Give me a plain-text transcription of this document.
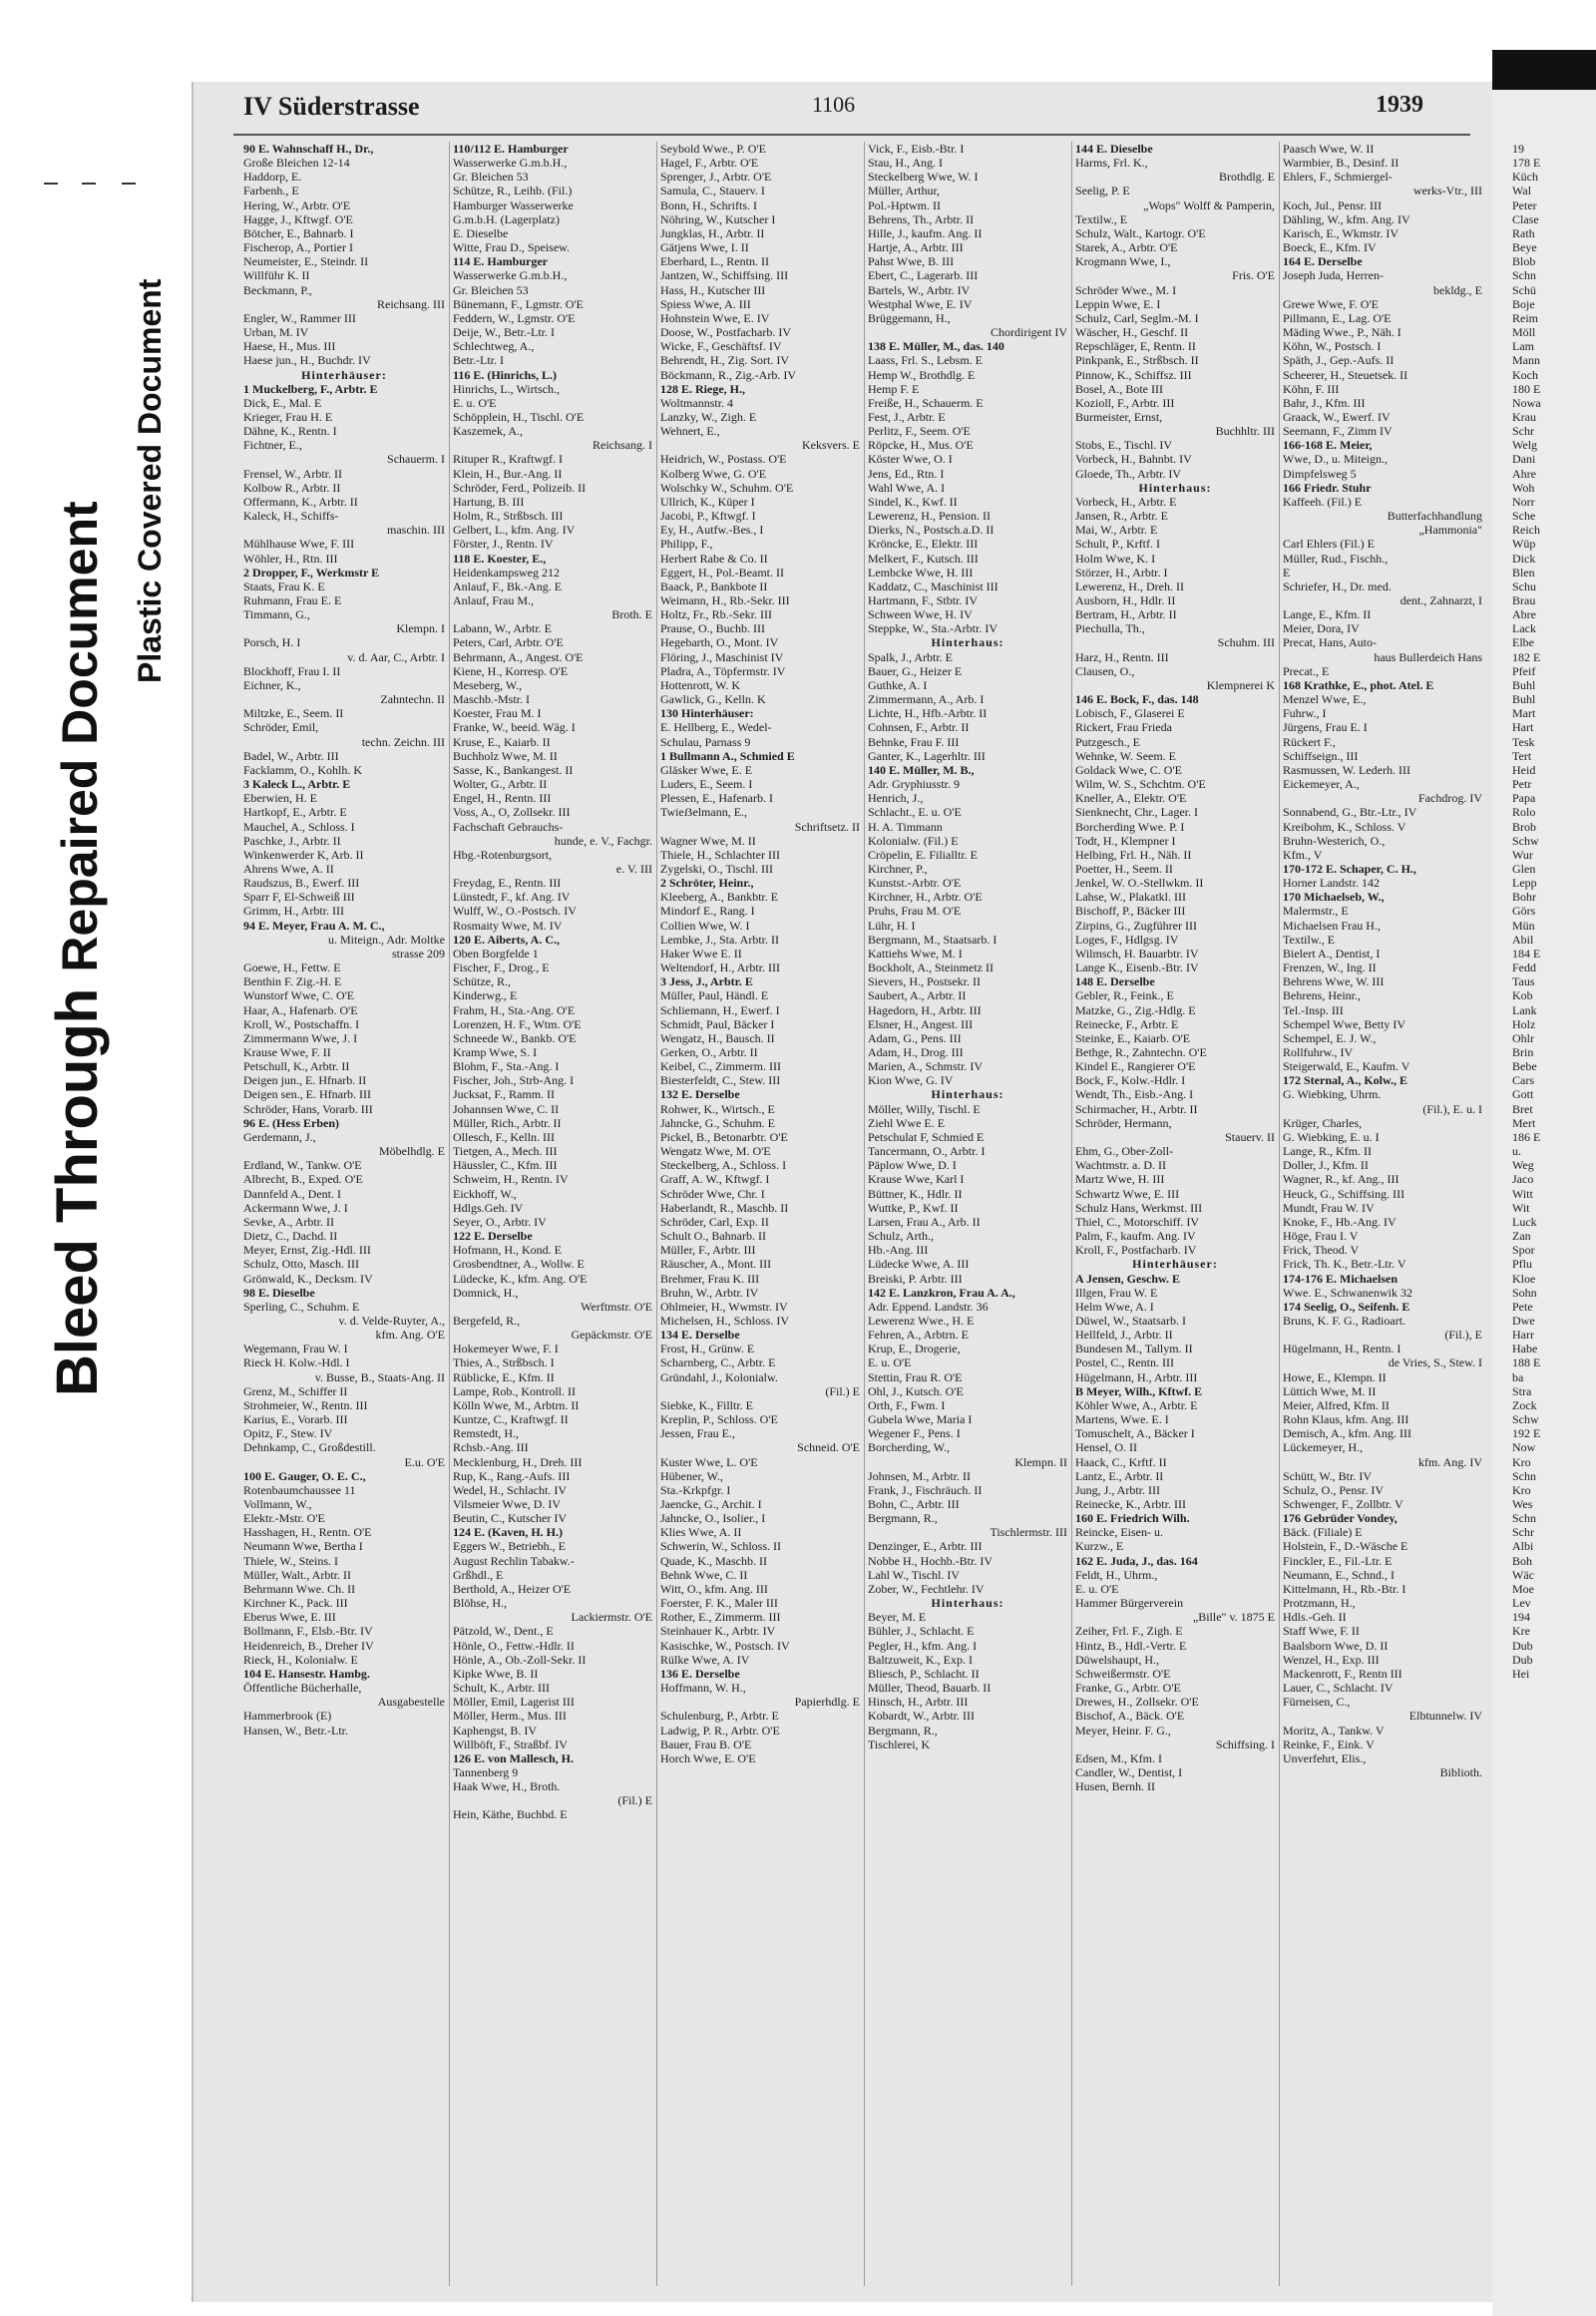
Bleed Through Repaired Document
Plastic Covered Document
IV Süderstrasse	1106	1939
90 E. Wahnschaff H., Dr.,
Große Bleichen 12-14
Haddorp, E.
Farbenh., E
Hering, W., Arbtr. O'E
Hagge, J., Kftwgf. O'E
Bötcher, E., Bahnarb. I
Fischerop, A., Portier I
Neumeister, E., Steindr. II
Willführ K. II
Beckmann, P.,
Reichsang. III
Engler, W., Rammer III
Urban, M. IV
Haese, H., Mus. III
Haese jun., H., Buchdr. IV
Hinterhäuser:
1 Muckelberg, F., Arbtr. E
Dick, E., Mal. E
Krieger, Frau H. E
Dähne, K., Rentn. I
Fichtner, E.,
Schauerm. I
Frensel, W., Arbtr. II
Kolbow R., Arbtr. II
Offermann, K., Arbtr. II
Kaleck, H., Schiffs-
maschin. III
Mühlhause Wwe, F. III
Wöhler, H., Rtn. III
2 Dropper, F., Werkmstr E
Staats, Frau K. E
Ruhmann, Frau E. E
Timmann, G.,
Klempn. I
Porsch, H. I
v. d. Aar, C., Arbtr. I
Blockhoff, Frau I. II
Eichner, K.,
Zahntechn. II
Miltzke, E., Seem. II
Schröder, Emil,
techn. Zeichn. III
Badel, W., Arbtr. III
Facklamm, O., Kohlh. K
3 Kaleck L., Arbtr. E
Eberwien, H. E
Hartkopf, E., Arbtr. E
Mauchel, A., Schloss. I
Paschke, J., Arbtr. II
Winkenwerder K, Arb. II
Ahrens Wwe, A. II
Raudszus, B., Ewerf. III
Sparr F, El-Schweiß III
Grimm, H., Arbtr. III
94 E. Meyer, Frau A. M. C.,
u. Miteign., Adr. Moltke
strasse 209
Goewe, H., Fettw. E
Benthin F. Zig.-H. E
Wunstorf Wwe, C. O'E
Haar, A., Hafenarb. O'E
Kroll, W., Postschaffn. I
Zimmermann Wwe, J. I
Krause Wwe, F. II
Petschull, K., Arbtr. II
Deigen jun., E. Hfnarb. II
Deigen sen., E. Hfnarb. III
Schröder, Hans, Vorarb. III
96 E. (Hess Erben)
Gerdemann, J.,
Möbelhdlg. E
Erdland, W., Tankw. O'E
Albrecht, B., Exped. O'E
Dannfeld A., Dent. I
Ackermann Wwe, J. I
Sevke, A., Arbtr. II
Dietz, C., Dachd. II
Meyer, Ernst, Zig.-Hdl. III
Schulz, Otto, Masch. III
Grönwald, K., Decksm. IV
98 E. Dieselbe
Sperling, C., Schuhm. E
v. d. Velde-Ruyter, A.,
kfm. Ang. O'E
Wegemann, Frau W. I
Rieck H. Kolw.-Hdl. I
v. Busse, B., Staats-Ang. II
Grenz, M., Schiffer II
Strohmeier, W., Rentn. III
Karius, E., Vorarb. III
Opitz, F., Stew. IV
Dehnkamp, C., Großdestill.
E.u. O'E
100 E. Gauger, O. E. C.,
Rotenbaumchaussee 11
Vollmann, W.,
Elektr.-Mstr. O'E
Hasshagen, H., Rentn. O'E
Neumann Wwe, Bertha I
Thiele, W., Steins. I
Müller, Walt., Arbtr. II
Behrmann Wwe. Ch. II
Kirchner K., Pack. III
Eberus Wwe, E. III
Bollmann, F., Elsb.-Btr. IV
Heidenreich, B., Dreher IV
Rieck, H., Kolonialw. E
104 E. Hansestr. Hambg.
Öffentliche Bücherhalle,
Ausgabestelle
Hammerbrook (E)
Hansen, W., Betr.-Ltr.
110/112 E. Hamburger
Wasserwerke G.m.b.H.,
Gr. Bleichen 53
Schütze, R., Leihb. (Fil.)
Hamburger Wasserwerke
G.m.b.H. (Lagerplatz)
E. Dieselbe
Witte, Frau D., Speisew.
114 E. Hamburger
Wasserwerke G.m.b.H.,
Gr. Bleichen 53
Bünemann, F., Lgmstr. O'E
Feddern, W., Lgmstr. O'E
Deije, W., Betr.-Ltr. I
Schlechtweg, A.,
Betr.-Ltr. I
116 E. (Hinrichs, L.)
Hinrichs, L., Wirtsch.,
E. u. O'E
Schöpplein, H., Tischl. O'E
Kaszemek, A.,
Reichsang. I
Rituper R., Kraftwgf. I
Klein, H., Bur.-Ang. II
Schröder, Ferd., Polizeib. II
Hartung, B. III
Holm, R., Strßbsch. III
Gelbert, L., kfm. Ang. IV
Förster, J., Rentn. IV
118 E. Koester, E.,
Heidenkampsweg 212
Anlauf, F., Bk.-Ang. E
Anlauf, Frau M.,
Broth. E
Labann, W., Arbtr. E
Peters, Carl, Arbtr. O'E
Behrmann, A., Angest. O'E
Kiene, H., Korresp. O'E
Meseberg, W.,
Maschb.-Mstr. I
Koester, Frau M. I
Franke, W., beeid. Wäg. I
Kruse, E., Kaiarb. II
Buchholz Wwe, M. II
Sasse, K., Bankangest. II
Wolter, G., Arbtr. II
Engel, H., Rentn. III
Voss, A., O, Zollsekr. III
Fachschaft Gebrauchs-
hunde, e. V., Fachgr.
Hbg.-Rotenburgsort,
e. V. III
Freydag, E., Rentn. III
Lünstedt, F., kf. Ang. IV
Wulff, W., O.-Postsch. IV
Rosmaity Wwe, M. IV
120 E. Aiberts, A. C.,
Oben Borgfelde 1
Fischer, F., Drog., E
Schütze, R.,
Kinderwg., E
Frahm, H., Sta.-Ang. O'E
Lorenzen, H. F., Wtm. O'E
Schneede W., Bankb. O'E
Kramp Wwe, S. I
Blohm, F., Sta.-Ang. I
Fischer, Joh., Strb-Ang. I
Jucksat, F., Ramm. II
Johannsen Wwe, C. II
Müller, Rich., Arbtr. II
Ollesch, F., Kelln. III
Tietgen, A., Mech. III
Häussler, C., Kfm. III
Schweim, H., Rentn. IV
Eickhoff, W.,
Hdlgs.Geh. IV
Seyer, O., Arbtr. IV
122 E. Derselbe
Hofmann, H., Kond. E
Grosbendtner, A., Wollw. E
Lüdecke, K., kfm. Ang. O'E
Domnick, H.,
Werftmstr. O'E
Bergefeld, R.,
Gepäckmstr. O'E
Hokemeyer Wwe, F. I
Thies, A., Strßbsch. I
Rüblicke, E., Kfm. II
Lampe, Rob., Kontroll. II
Kölln Wwe, M., Arbtrn. II
Kuntze, C., Kraftwgf. II
Remstedt, H.,
Rchsb.-Ang. III
Mecklenburg, H., Dreh. III
Rup, K., Rang.-Aufs. III
Wedel, H., Schlacht. IV
Vilsmeier Wwe, D. IV
Beutin, C., Kutscher IV
124 E. (Kaven, H. H.)
Eggers W., Betriebh., E
August Rechlin Tabakw.-
Grßhdl., E
Berthold, A., Heizer O'E
Blöhse, H.,
Lackiermstr. O'E
Pätzold, W., Dent., E
Hönle, O., Fettw.-Hdlr. II
Hönle, A., Ob.-Zoll-Sekr. II
Kipke Wwe, B. II
Schult, K., Arbtr. III
Möller, Emil, Lagerist III
Möller, Herm., Mus. III
Kaphengst, B. IV
Willböft, F., Straßbf. IV
126 E. von Mallesch, H.
Tannenberg 9
Haak Wwe, H., Broth.
(Fil.) E
Hein, Käthe, Buchbd. E
Seybold Wwe., P. O'E
Hagel, F., Arbtr. O'E
Sprenger, J., Arbtr. O'E
Samula, C., Stauerv. I
Bonn, H., Schrifts. I
Nöhring, W., Kutscher I
Jungklas, H., Arbtr. II
Gätjens Wwe, I. II
Eberhard, L., Rentn. II
Jantzen, W., Schiffsing. III
Hass, H., Kutscher III
Spiess Wwe, A. III
Hohnstein Wwe, E. IV
Doose, W., Postfacharb. IV
Wicke, F., Geschäftsf. IV
Behrendt, H., Zig. Sort. IV
Böckmann, R., Zig.-Arb. IV
128 E. Riege, H.,
Woltmannstr. 4
Lanzky, W., Zigh. E
Wehnert, E.,
Keksvers. E
Heidrich, W., Postass. O'E
Kolberg Wwe, G. O'E
Wolschky W., Schuhm. O'E
Ullrich, K., Küper I
Jacobi, P., Kftwgf. I
Ey, H., Autfw.-Bes., I
Philipp, F.,
Herbert Rabe & Co. II
Eggert, H., Pol.-Beamt. II
Baack, P., Bankbote II
Weimann, H., Rb.-Sekr. III
Holtz, Fr., Rb.-Sekr. III
Prause, O., Buchb. III
Hegebarth, O., Mont. IV
Flöring, J., Maschinist IV
Pladra, A., Töpfermstr. IV
Hottenrott, W. K
Gawlick, G., Kelln. K
130 Hinterhäuser:
E. Hellberg, E., Wedel-
Schulau, Parnass 9
1 Bullmann A., Schmied E
Gläsker Wwe, E. E
Luders, E., Seem. I
Plessen, E., Hafenarb. I
Twieẞelmann, E.,
Schriftsetz. II
Wagner Wwe, M. II
Thiele, H., Schlachter III
Zygelski, O., Tischl. III
2 Schröter, Heinr.,
Kleeberg, A., Bankbtr. E
Mindorf E., Rang. I
Collien Wwe, W. I
Lembke, J., Sta. Arbtr. II
Haker Wwe E. II
Weltendorf, H., Arbtr. III
3 Jess, J., Arbtr. E
Müller, Paul, Händl. E
Schliemann, H., Ewerf. I
Schmidt, Paul, Bäcker I
Wengatz, H., Bausch. II
Gerken, O., Arbtr. II
Keibel, C., Zimmerm. III
Biesterfeldt, C., Stew. III
132 E. Derselbe
Rohwer, K., Wirtsch., E
Jahncke, G., Schuhm. E
Pickel, B., Betonarbtr. O'E
Wengatz Wwe, M. O'E
Steckelberg, A., Schloss. I
Graff, A. W., Kftwgf. I
Schröder Wwe, Chr. I
Haberlandt, R., Maschb. II
Schröder, Carl, Exp. II
Schult O., Bahnarb. II
Müller, F., Arbtr. III
Räuscher, A., Mont. III
Brehmer, Frau K. III
Bruhn, W., Arbtr. IV
Ohlmeier, H., Wwmstr. IV
Michelsen, H., Schloss. IV
134 E. Derselbe
Frost, H., Grünw. E
Scharnberg, C., Arbtr. E
Gründahl, J., Kolonialw.
(Fil.) E
Siebke, K., Filltr. E
Kreplin, P., Schloss. O'E
Jessen, Frau E.,
Schneid. O'E
Kuster Wwe, L. O'E
Hübener, W.,
Sta.-Krkpfgr. I
Jaencke, G., Archit. I
Jahncke, O., Isolier., I
Klies Wwe, A. II
Schwerin, W., Schloss. II
Quade, K., Maschb. II
Behnk Wwe, C. II
Witt, O., kfm. Ang. III
Foerster, F. K., Maler III
Rother, E., Zimmerm. III
Steinhauer K., Arbtr. IV
Kasischke, W., Postsch. IV
Rülke Wwe, A. IV
136 E. Derselbe
Hoffmann, W. H.,
Papierhdlg. E
Schulenburg, P., Arbtr. E
Ladwig, P. R., Arbtr. O'E
Bauer, Frau B. O'E
Horch Wwe, E. O'E
Vick, F., Eisb.-Btr. I
Stau, H., Ang. I
Steckelberg Wwe, W. I
Müller, Arthur,
Pol.-Hptwm. II
Behrens, Th., Arbtr. II
Hille, J., kaufm. Ang. II
Hartje, A., Arbtr. III
Pahst Wwe, B. III
Ebert, C., Lagerarb. III
Bartels, W., Arbtr. IV
Westphal Wwe, E. IV
Brüggemann, H.,
Chordirigent IV
138 E. Müller, M., das. 140
Laass, Frl. S., Lebsm. E
Hemp W., Brothdlg. E
Hemp F. E
Freiße, H., Schauerm. E
Fest, J., Arbtr. E
Perlitz, F., Seem. O'E
Röpcke, H., Mus. O'E
Köster Wwe, O. I
Jens, Ed., Rtn. I
Wahl Wwe, A. I
Sindel, K., Kwf. II
Lewerenz, H., Pension. II
Dierks, N., Postsch.a.D. II
Kröncke, E., Elektr. III
Melkert, F., Kutsch. III
Lembcke Wwe, H. III
Kaddatz, C., Maschinist III
Hartmann, F., Stbtr. IV
Schween Wwe, H. IV
Steppke, W., Sta.-Arbtr. IV
Hinterhaus:
Spalk, J., Arbtr. E
Bauer, G., Heizer E
Guthke, A. I
Zimmermann, A., Arb. I
Lichte, H., Hfb.-Arbtr. II
Cohnsen, F., Arbtr. II
Behnke, Frau F. III
Ganter, K., Lagerhltr. III
140 E. Müller, M. B.,
Adr. Gryphiusstr. 9
Henrich, J.,
Schlacht., E. u. O'E
H. A. Timmann
Kolonialw. (Fil.) E
Cröpelin, E. Filialltr. E
Kirchner, P.,
Kunstst.-Arbtr. O'E
Kirchner, H., Arbtr. O'E
Pruhs, Frau M. O'E
Lühr, H. I
Bergmann, M., Staatsarb. I
Kattiehs Wwe, M. I
Bockholt, A., Steinmetz II
Sievers, H., Postsekr. II
Saubert, A., Arbtr. II
Hagedorn, H., Arbtr. III
Elsner, H., Angest. III
Adam, G., Pens. III
Adam, H., Drog. III
Marien, A., Schmstr. IV
Kion Wwe, G. IV
Hinterhaus:
Möller, Willy, Tischl. E
Ziehl Wwe E. E
Petschulat F, Schmied E
Tancermann, O., Arbtr. I
Päplow Wwe, D. I
Krause Wwe, Karl I
Büttner, K., Hdlr. II
Wuttke, P., Kwf. II
Larsen, Frau A., Arb. II
Schulz, Arth.,
Hb.-Ang. III
Lüdecke Wwe, A. III
Breiski, P. Arbtr. III
142 E. Lanzkron, Frau A. A.,
Adr. Eppend. Landstr. 36
Lewerenz Wwe., H. E
Fehren, A., Arbtrn. E
Krup, E., Drogerie,
E. u. O'E
Stettin, Frau R. O'E
Ohl, J., Kutsch. O'E
Orth, F., Fwm. I
Gubela Wwe, Maria I
Wegener F., Pens. I
Borcherding, W.,
Klempn. II
Johnsen, M., Arbtr. II
Frank, J., Fischräuch. II
Bohn, C., Arbtr. III
Bergmann, R.,
Tischlermstr. III
Denzinger, E., Arbtr. III
Nobbe H., Hochb.-Btr. IV
Lahl W., Tischl. IV
Zober, W., Fechtlehr. IV
Hinterhaus:
Beyer, M. E
Bühler, J., Schlacht. E
Pegler, H., kfm. Ang. I
Baltzuweit, K., Exp. I
Bliesch, P., Schlacht. II
Müller, Theod, Bauarb. II
Hinsch, H., Arbtr. III
Kobardt, W., Arbtr. III
Bergmann, R.,
Tischlerei, K
144 E. Dieselbe
Harms, Frl. K.,
Brothdlg. E
Seelig, P. E
„Wops" Wolff & Pamperin,
Textilw., E
Schulz, Walt., Kartogr. O'E
Starek, A., Arbtr. O'E
Krogmann Wwe, I.,
Fris. O'E
Schröder Wwe., M. I
Leppin Wwe, E. I
Schulz, Carl, Seglm.-M. I
Wäscher, H., Geschf. II
Repschläger, E, Rentn. II
Pinkpank, E., Strßbsch. II
Pinnow, K., Schiffsz. III
Bosel, A., Bote III
Kozioll, F., Arbtr. III
Burmeister, Ernst,
Buchhltr. III
Stobs, E., Tischl. IV
Vorbeck, H., Bahnbt. IV
Gloede, Th., Arbtr. IV
Hinterhaus:
Vorbeck, H., Arbtr. E
Jansen, R., Arbtr. E
Mai, W., Arbtr. E
Schult, P., Krftf. I
Holm Wwe, K. I
Störzer, H., Arbtr. I
Lewerenz, H., Dreh. II
Ausborn, H., Hdlr. II
Bertram, H., Arbtr. II
Piechulla, Th.,
Schuhm. III
Harz, H., Rentn. III
Clausen, O.,
Klempnerei K
146 E. Bock, F., das. 148
Lobisch, F., Glaserei E
Rickert, Frau Frieda
Putzgesch., E
Wehnke, W. Seem. E
Goldack Wwe, C. O'E
Wilm, W. S., Schchtm. O'E
Kneller, A., Elektr. O'E
Sienknecht, Chr., Lager. I
Borcherding Wwe. P. I
Todt, H., Klempner I
Helbing, Frl. H., Näh. II
Poetter, H., Seem. II
Jenkel, W. O.-Stellwkm. II
Lahse, W., Plakatkl. III
Bischoff, P., Bäcker III
Zirpins, G., Zugführer III
Loges, F., Hdlgsg. IV
Wilmsch, H. Bauarbtr. IV
Lange K., Eisenb.-Btr. IV
148 E. Derselbe
Gebler, R., Feink., E
Matzke, G., Zig.-Hdlg. E
Reinecke, F., Arbtr. E
Steinke, E., Kaiarb. O'E
Bethge, R., Zahntechn. O'E
Kindel E., Rangierer O'E
Bock, F., Kolw.-Hdlr. I
Wendt, Th., Eisb.-Ang. I
Schirmacher, H., Arbtr. II
Schröder, Hermann,
Stauerv. II
Ehm, G., Ober-Zoll-
Wachtmstr. a. D. II
Martz Wwe, H. III
Schwartz Wwe, E. III
Schulz Hans, Werkmst. III
Thiel, C., Motorschiff. IV
Palm, F., kaufm. Ang. IV
Kroll, F., Postfacharb. IV
Hinterhäuser:
A Jensen, Geschw. E
Illgen, Frau W. E
Helm Wwe, A. I
Düwel, W., Staatsarb. I
Hellfeld, J., Arbtr. II
Bundesen M., Tallym. II
Postel, C., Rentn. III
Hügelmann, H., Arbtr. III
B Meyer, Wilh., Kftwf. E
Köhler Wwe, A., Arbtr. E
Martens, Wwe. E. I
Tomuschelt, A., Bäcker I
Hensel, O. II
Haack, C., Krftf. II
Lantz, E., Arbtr. II
Jung, J., Arbtr. III
Reinecke, K., Arbtr. III
160 E. Friedrich Wilh.
Reincke, Eisen- u.
Kurzw., E
162 E. Juda, J., das. 164
Feldt, H., Uhrm.,
E. u. O'E
Hammer Bürgerverein
„Bille" v. 1875 E
Zeiher, Frl. F., Zigh. E
Hintz, B., Hdl.-Vertr. E
Düwelshaupt, H.,
Schweißermstr. O'E
Franke, G., Arbtr. O'E
Drewes, H., Zollsekr. O'E
Bischof, A., Bäck. O'E
Meyer, Heinr. F. G.,
Schiffsing. I
Edsen, M., Kfm. I
Candler, W., Dentist, I
Husen, Bernh. II
Paasch Wwe, W. II
Warmbier, B., Desinf. II
Ehlers, F., Schmiergel-
werks-Vtr., III
Koch, Jul., Pensr. III
Dähling, W., kfm. Ang. IV
Karisch, E., Wkmstr. IV
Boeck, E., Kfm. IV
164 E. Derselbe
Joseph Juda, Herren-
bekldg., E
Grewe Wwe, F. O'E
Pillmann, E., Lag. O'E
Mäding Wwe., P., Näh. I
Köhn, W., Postsch. I
Späth, J., Gep.-Aufs. II
Scheerer, H., Steuetsek. II
Köhn, F. III
Bahr, J., Kfm. III
Graack, W., Ewerf. IV
Seemann, F., Zimm IV
166-168 E. Meier,
Wwe, D., u. Miteign.,
Dimpfelsweg 5
166 Friedr. Stuhr
Kaffeeh. (Fil.) E
Butterfachhandlung
„Hammonia"
Carl Ehlers (Fil.) E
Müller, Rud., Fischh.,
E
Schriefer, H., Dr. med.
dent., Zahnarzt, I
Lange, E., Kfm. II
Meier, Dora, IV
Precat, Hans, Auto-
haus Bullerdeich Hans
Precat., E
168 Krathke, E., phot. Atel. E
Menzel Wwe, E.,
Fuhrw., I
Jürgens, Frau E. I
Rückert F.,
Schiffseign., III
Rasmussen, W. Lederh. III
Eickemeyer, A.,
Fachdrog. IV
Sonnabend, G., Btr.-Ltr., IV
Kreibohm, K., Schloss. V
Bruhn-Westerich, O.,
Kfm., V
170-172 E. Schaper, C. H.,
Horner Landstr. 142
170 Michaelseb, W.,
Malermstr., E
Michaelsen Frau H.,
Textilw., E
Bielert A., Dentist, I
Frenzen, W., Ing. II
Behrens Wwe, W. III
Behrens, Heinr.,
Tel.-Insp. III
Schempel Wwe, Betty IV
Schempel, E. J. W.,
Rollfuhrw., IV
Steigerwald, E., Kaufm. V
172 Sternal, A., Kolw., E
G. Wiebking, Uhrm.
(Fil.), E. u. I
Krüger, Charles,
G. Wiebking, E. u. I
Lange, R., Kfm. II
Doller, J., Kfm. II
Wagner, R., kf. Ang., III
Heuck, G., Schiffsing. III
Mundt, Frau W. IV
Knoke, F., Hb.-Ang. IV
Höge, Frau I. V
Frick, Theod. V
Frick, Th. K., Betr.-Ltr. V
174-176 E. Michaelsen
Wwe. E., Schwanenwik 32
174 Seelig, O., Seifenh. E
Bruns, K. F. G., Radioart.
(Fil.), E
Hügelmann, H., Rentn. I
de Vries, S., Stew. I
Howe, E., Klempn. II
Lüttich Wwe, M. II
Meier, Alfred, Kfm. II
Rohn Klaus, kfm. Ang. III
Demisch, A., kfm. Ang. III
Lückemeyer, H.,
kfm. Ang. IV
Schütt, W., Btr. IV
Schulz, O., Pensr. IV
Schwenger, F., Zollbtr. V
176 Gebrüder Vondey,
Bäck. (Filiale) E
Holstein, F., D.-Wäsche E
Finckler, E., Fil.-Ltr. E
Neumann, E., Schnd., I
Kittelmann, H., Rb.-Btr. I
Protzmann, H.,
Hdls.-Geh. II
Staff Wwe, F. II
Baalsborn Wwe, D. II
Wenzel, H., Exp. III
Mackenrott, F., Rentn III
Lauer, C., Schlacht. IV
Fürneisen, C.,
Elbtunnelw. IV
Moritz, A., Tankw. V
Reinke, F., Eink. V
Unverfehrt, Elis.,
Biblioth.
19
178 E
Küch
Wal
Peter
Clase
Rath
Beye
Blob
Schn
Schü
Boje
Reim
Möll
Lam
Mann
Koch
180 E
Nowa
Krau
Schr
Welg
Dani
Ahre
Woh
Norr
Sche
Reich
Wüp
Dick
Blen
Schu
Brau
Abre
Lack
Elbe
182 E
Pfeif
Buhl
Buhl
Mart
Hart
Tesk
Tert
Heid
Petr
Papa
Rolo
Brob
Schw
Wur
Glen
Lepp
Bohr
Görs
Mün
Abil
184 E
Fedd
Taus
Kob
Lank
Holz
Ohlr
Brin
Bebe
Cars
Gott
Bret
Mert
186 E
u.
Weg
Jaco
Witt
Wit
Luck
Zan
Spor
Pflu
Kloe
Sohn
Pete
Dwe
Harr
Habe
188 E
ba
Stra
Zock
Schw
192 E
Now
Kro
Schn
Kro
Wes
Schn
Schr
Albi
Boh
Wäc
Moe
Lev
194
Kre
Dub
Dub
Hei
